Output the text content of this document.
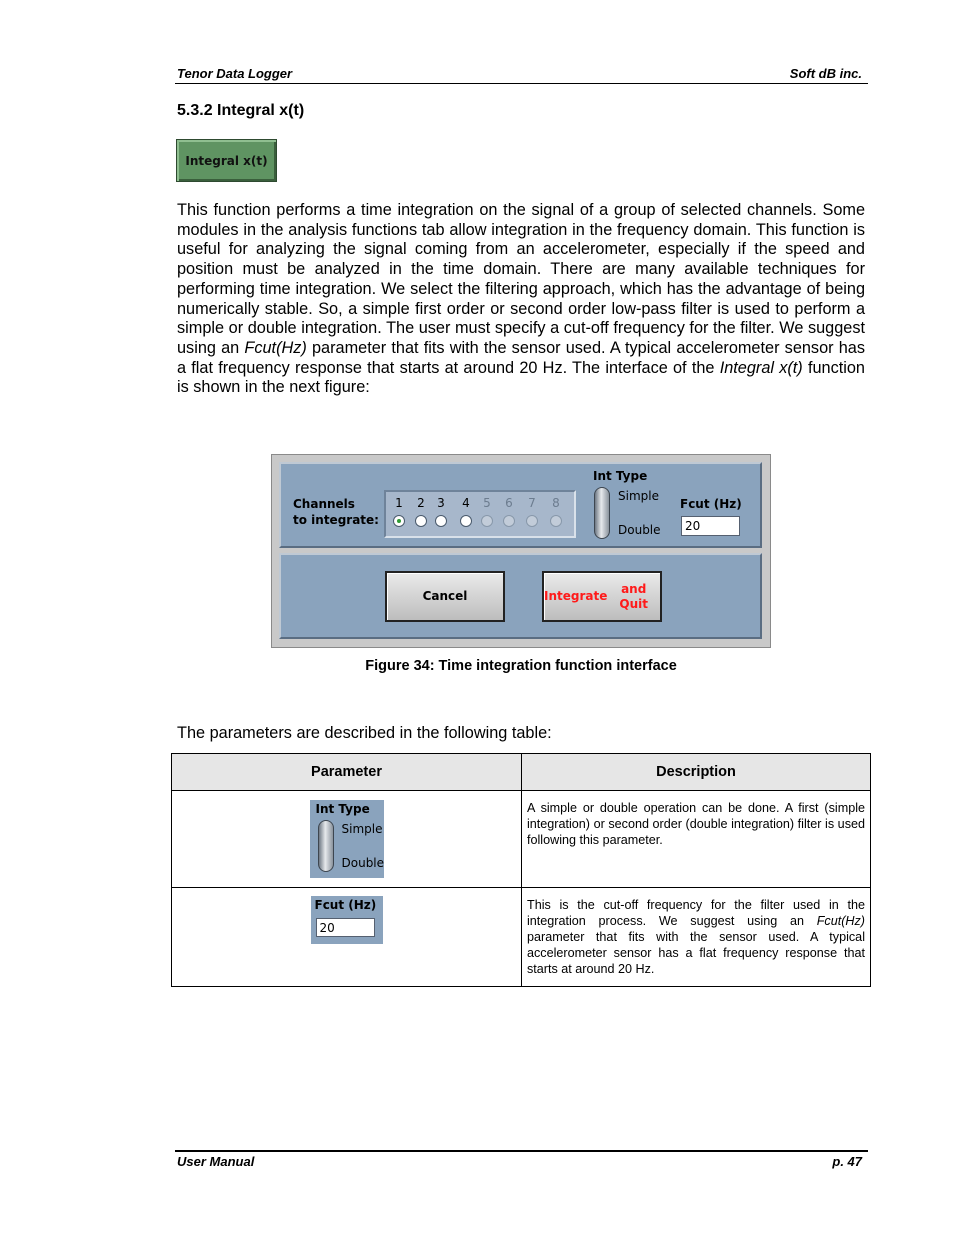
Tenor Data Logger	Soft dB inc.
5.3.2 Integral x(t)
Integral x(t)
This function performs a time integration on the signal of a group of selected channels. Some modules in the analysis functions tab allow integration in the frequency domain. This function is useful for analyzing the signal coming from an accelerometer, especially if the speed and position must be analyzed in the time domain. There are many available techniques for performing time integration. We select the filtering approach, which has the advantage of being numerically stable. So, a simple first order or second order low-pass filter is used to perform a simple or double integration. The user must specify a cut-off frequency for the filter. We suggest using an Fcut(Hz) parameter that fits with the sensor used. A typical accelerometer sensor has a flat frequency response that starts at around 20 Hz. The interface of the Integral x(t) function is shown in the next figure:
Channels
to integrate:
1 2 3 4 5 6 7 8
Int Type
Simple
Double
Fcut (Hz)
20
Cancel	Integrate

and Quit
Figure 34: Time integration function interface
The parameters are described in the following table:
Parameter	Description

Int Type
Simple
Double	A simple or double operation can be done. A first (simple integration) or second order (double integration) filter is used following this parameter.

Fcut (Hz)
20	This is the cut-off frequency for the filter used in the integration process. We suggest using an Fcut(Hz) parameter that fits with the sensor used. A typical accelerometer sensor has a flat frequency response that starts at around 20 Hz.
User Manual	p. 47
